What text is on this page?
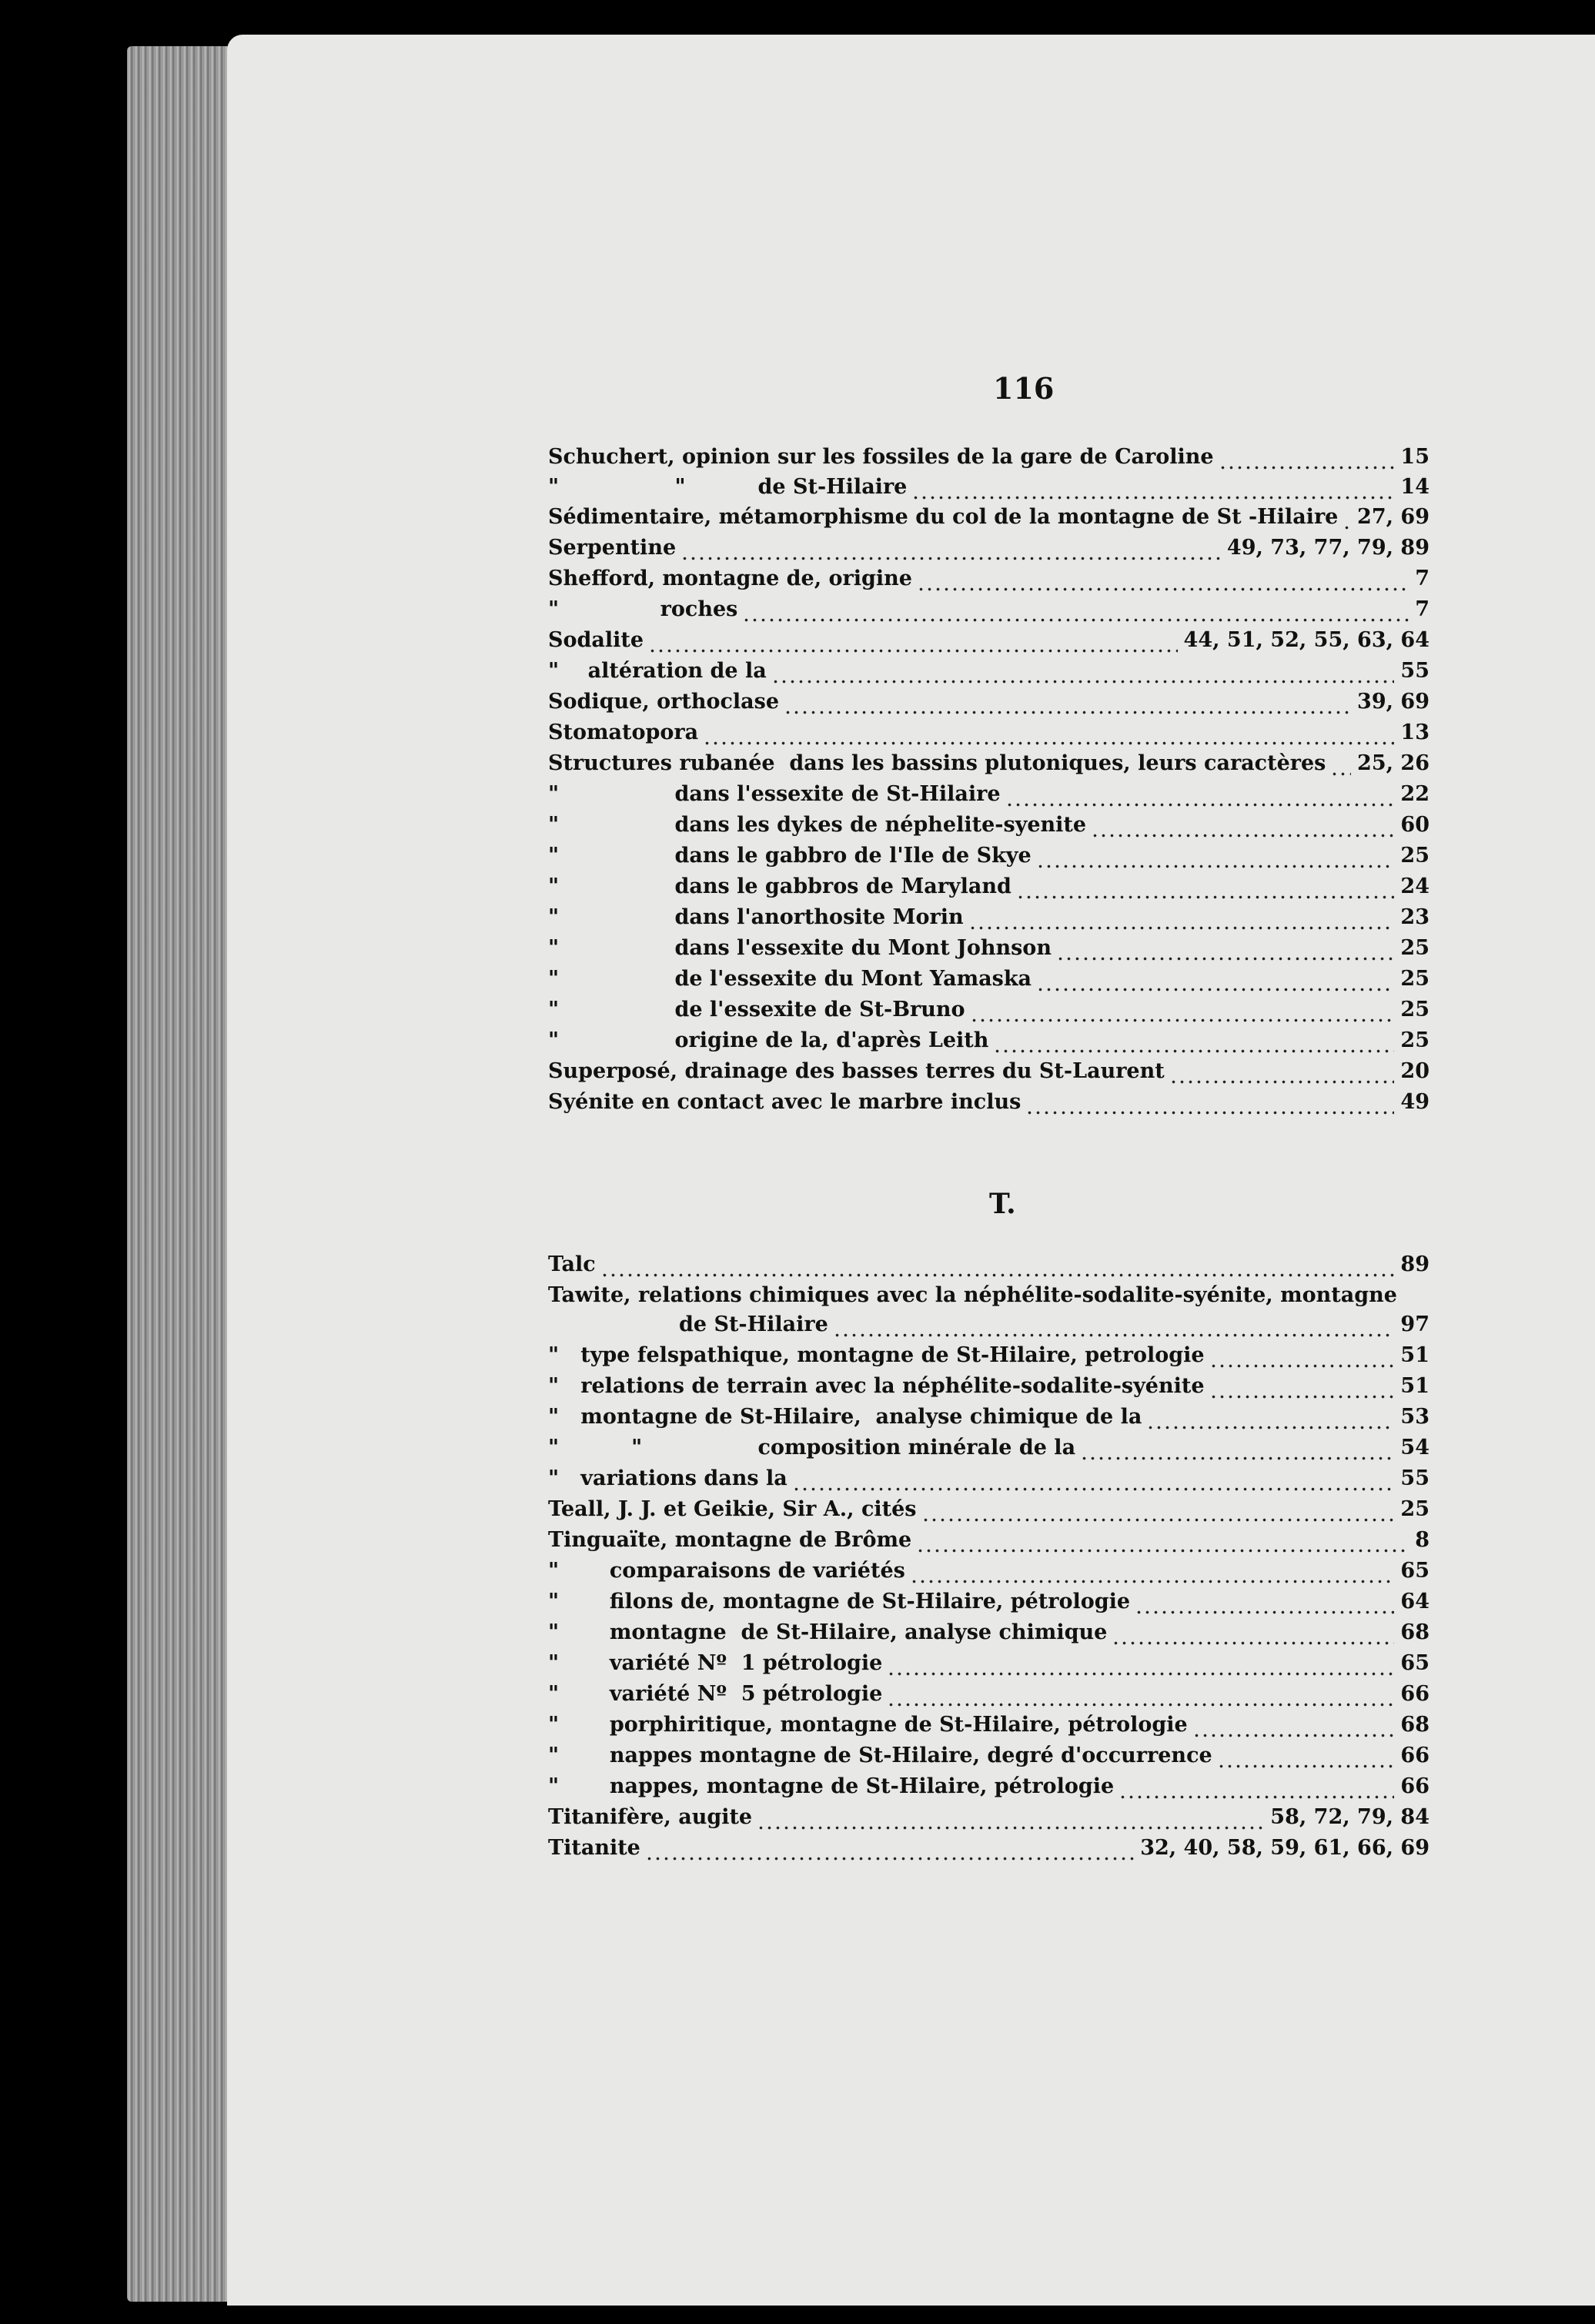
116
T.
Schuchert, opinion sur les fossiles de la gare de Caroline	15
"                "          de St-Hilaire	14
Sédimentaire, métamorphisme du col de la montagne de St -Hilaire 27, 69
Serpentine	49, 73, 77, 79, 89
Shefford, montagne de, origine	7
"              roches	7
Sodalite	44, 51, 52, 55, 63, 64
"    altération de la	55
Sodique, orthoclase	39, 69
Stomatopora	13
Structures rubanée  dans les bassins plutoniques, leurs caractères 25, 26
"                dans l'essexite de St-Hilaire	22
"                dans les dykes de néphelite-syenite	60
"                dans le gabbro de l'Ile de Skye	25
"                dans le gabbros de Maryland	24
"                dans l'anorthosite Morin	23
"                dans l'essexite du Mont Johnson	25
"                de l'essexite du Mont Yamaska	25
"                de l'essexite de St-Bruno	25
"                origine de la, d'après Leith	25
Superposé, drainage des basses terres du St-Laurent	20
Syénite en contact avec le marbre inclus	49
Talc	89
Tawite, relations chimiques avec la néphélite-sodalite-syénite, montagne
de St-Hilaire	97
"   type felspathique, montagne de St-Hilaire, petrologie	51
"   relations de terrain avec la néphélite-sodalite-syénite	51
"   montagne de St-Hilaire,  analyse chimique de la	53
"          "                composition minérale de la	54
"   variations dans la	55
Teall, J. J. et Geikie, Sir A., cités	25
Tinguaïte, montagne de Brôme	8
"       comparaisons de variétés	65
"       filons de, montagne de St-Hilaire, pétrologie	64
"       montagne  de St-Hilaire, analyse chimique	68
"       variété Nº  1 pétrologie	65
"       variété Nº  5 pétrologie	66
"       porphiritique, montagne de St-Hilaire, pétrologie	68
"       nappes montagne de St-Hilaire, degré d'occurrence	66
"       nappes, montagne de St-Hilaire, pétrologie	66
Titanifère, augite	58, 72, 79, 84
Titanite	32, 40, 58, 59, 61, 66, 69
